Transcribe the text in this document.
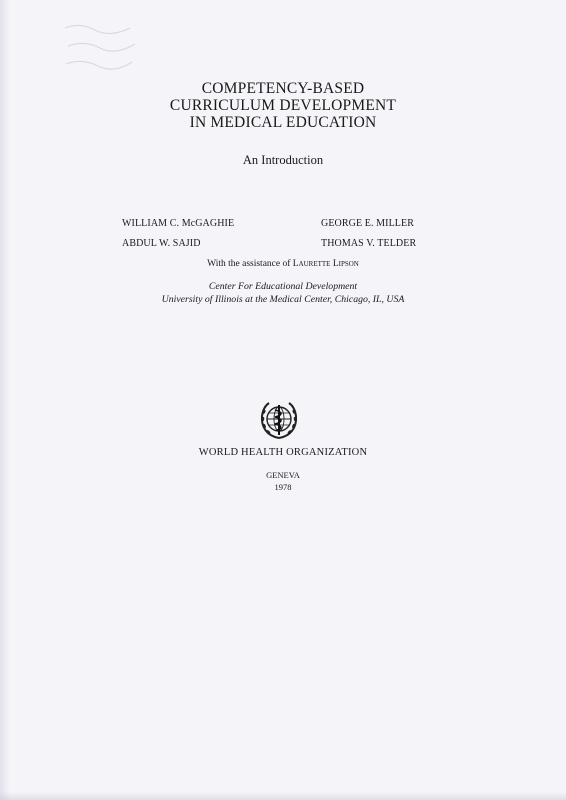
COMPETENCY-BASED
CURRICULUM DEVELOPMENT
IN MEDICAL EDUCATION
An Introduction
WILLIAM C. McGAGHIE	GEORGE E. MILLER
ABDUL W. SAJID	THOMAS V. TELDER
With the assistance of Laurette Lipson
Center For Educational Development
University of Illinois at the Medical Center, Chicago, IL, USA
WORLD HEALTH ORGANIZATION
GENEVA
1978
